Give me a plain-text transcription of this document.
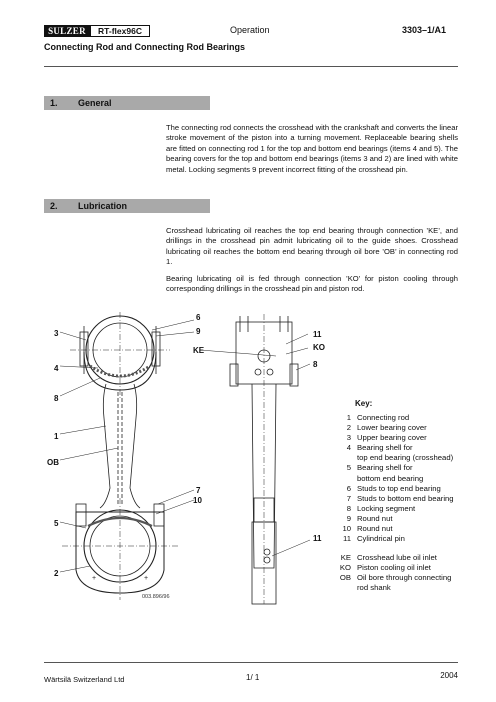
SULZER	RT-flex96C	Operation	3303–1/A1
Connecting Rod and Connecting Rod Bearings
1.	General

The connecting rod connects the crosshead with the crankshaft and converts the linear stroke movement of the piston into a turning movement. Replaceable bearing shells are fitted on connecting rod 1 for the top and bottom end bearings (items 4 and 5). The bearing covers for the top and bottom end bearings (items 3 and 2) are lined with white metal. Locking segments 9 prevent incorrect fitting of the crosshead pin.

2.	Lubrication

Crosshead lubricating oil reaches the top end bearing through connection ’KE’, and drillings in the crosshead pin admit lubricating oil to the guide shoes. Crosshead lubricating oil reaches the bottom end bearing through oil bore ’OB’ in connecting rod 1.

Bearing lubricating oil is fed through connection ’KO’ for piston cooling through corresponding drillings in the crosshead pin and piston rod.

+	+
3
4
8
1
OB
5
2
6
9
KE
7
10
11
KO
8
11
003.896/96
Key:
1 Connecting rod
2 Lower bearing cover
3 Upper bearing cover
4 Bearing shell for
top end bearing (crosshead)
5 Bearing shell for
bottom end bearing
6 Studs to top end bearing
7 Studs to bottom end bearing
8 Locking segment
9 Round nut
10 Round nut
11 Cylindrical pin
KE Crosshead lube oil inlet
KO Piston cooling oil inlet
OB Oil bore through connecting
rod shank
Wärtsilä Switzerland Ltd	1/ 1	2004
